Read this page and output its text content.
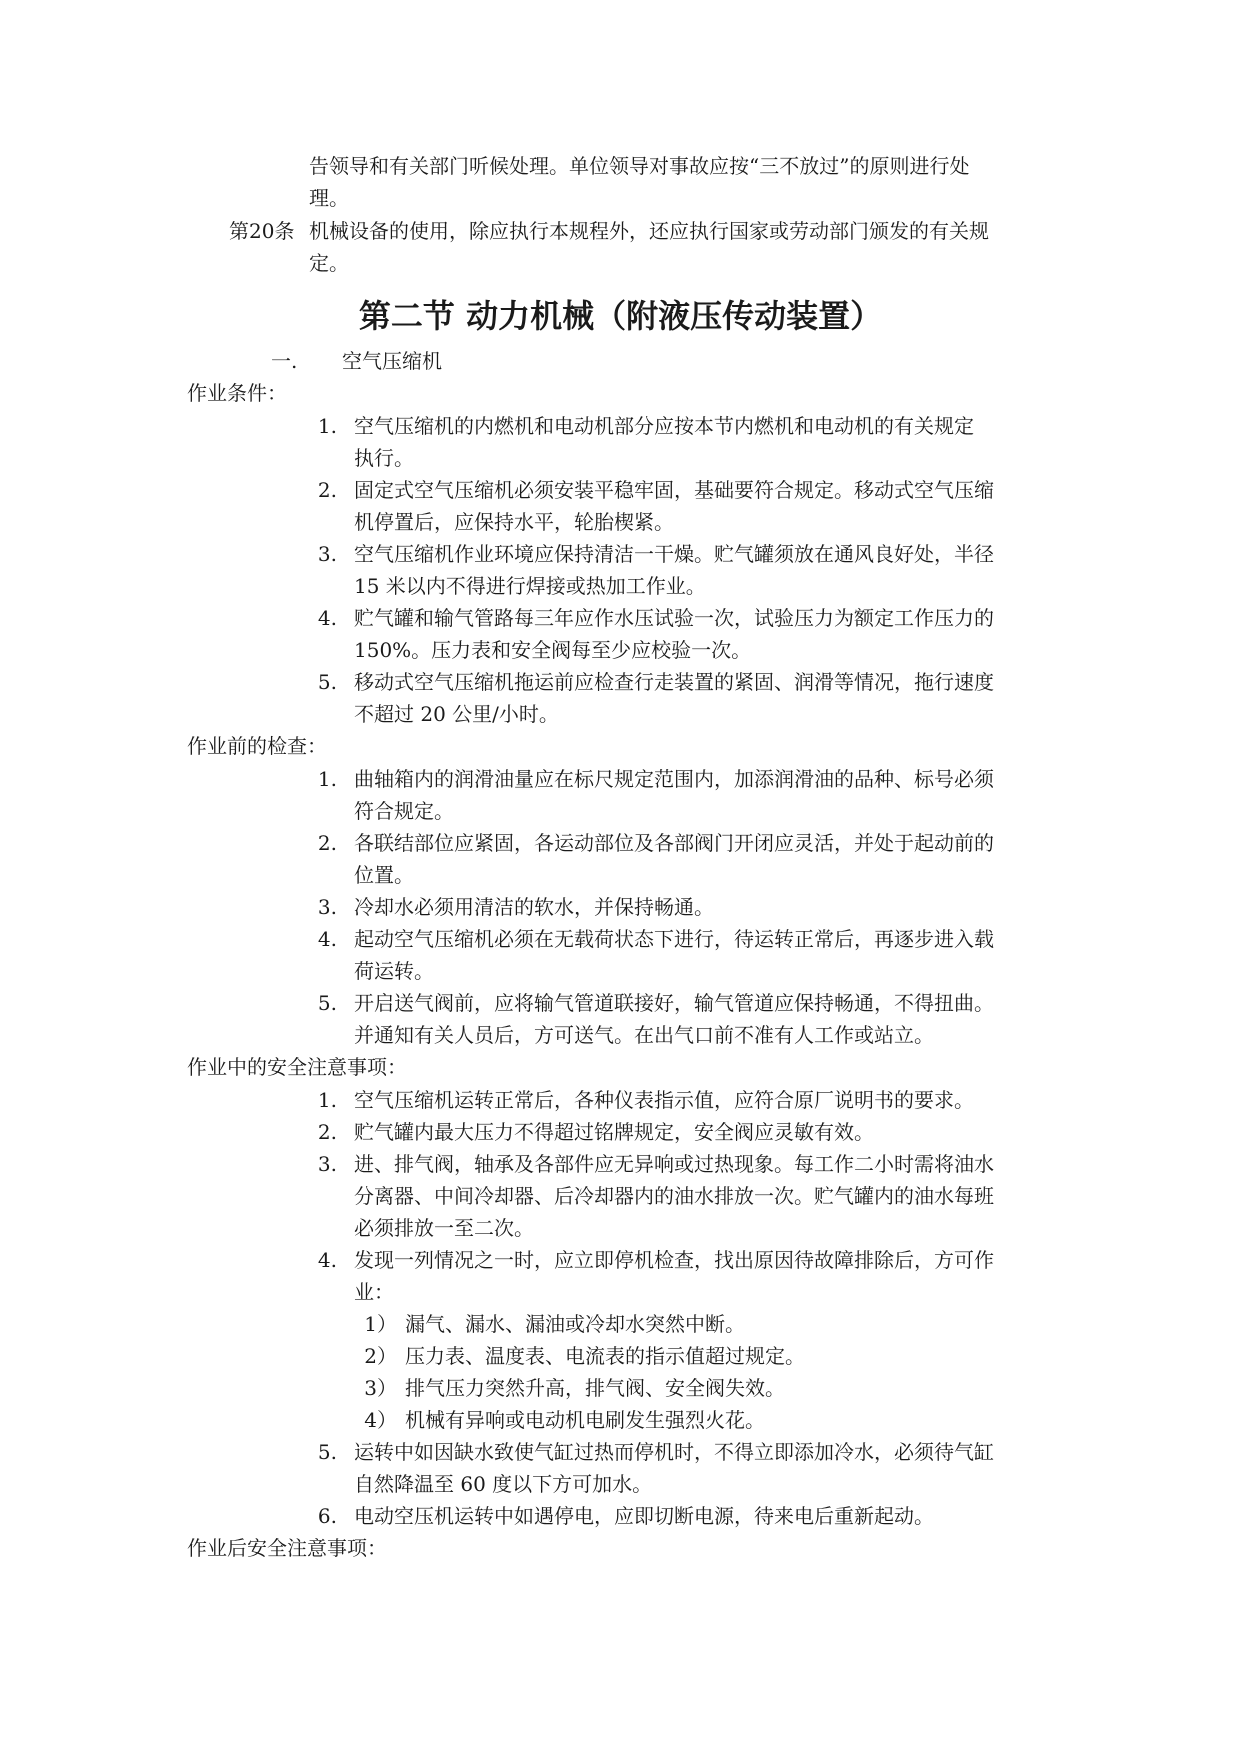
告领导和有关部门听候处理。单位领导对事故应按“三不放过”的原则进行处
理。
第20条 机械设备的使用，除应执行本规程外，还应执行国家或劳动部门颁发的有关规
定。
第二节 动力机械（附液压传动装置）
一. 空气压缩机
作业条件：
1. 空气压缩机的内燃机和电动机部分应按本节内燃机和电动机的有关规定
执行。
2. 固定式空气压缩机必须安装平稳牢固，基础要符合规定。移动式空气压缩
机停置后，应保持水平，轮胎楔紧。
3. 空气压缩机作业环境应保持清洁一干燥。贮气罐须放在通风良好处，半径
15 米以内不得进行焊接或热加工作业。
4. 贮气罐和输气管路每三年应作水压试验一次，试验压力为额定工作压力的
150%。压力表和安全阀每至少应校验一次。
5. 移动式空气压缩机拖运前应检查行走装置的紧固、润滑等情况，拖行速度
不超过 20 公里/小时。
作业前的检查：
1. 曲轴箱内的润滑油量应在标尺规定范围内，加添润滑油的品种、标号必须
符合规定。
2. 各联结部位应紧固，各运动部位及各部阀门开闭应灵活，并处于起动前的
位置。
3. 冷却水必须用清洁的软水，并保持畅通。
4. 起动空气压缩机必须在无载荷状态下进行，待运转正常后，再逐步进入载
荷运转。
5. 开启送气阀前，应将输气管道联接好，输气管道应保持畅通，不得扭曲。
并通知有关人员后，方可送气。在出气口前不准有人工作或站立。
作业中的安全注意事项：
1. 空气压缩机运转正常后，各种仪表指示值，应符合原厂说明书的要求。
2. 贮气罐内最大压力不得超过铭牌规定，安全阀应灵敏有效。
3. 进、排气阀，轴承及各部件应无异响或过热现象。每工作二小时需将油水
分离器、中间冷却器、后冷却器内的油水排放一次。贮气罐内的油水每班
必须排放一至二次。
4. 发现一列情况之一时，应立即停机检查，找出原因待故障排除后，方可作
业：
1） 漏气、漏水、漏油或冷却水突然中断。
2） 压力表、温度表、电流表的指示值超过规定。
3） 排气压力突然升高，排气阀、安全阀失效。
4） 机械有异响或电动机电刷发生强烈火花。
5. 运转中如因缺水致使气缸过热而停机时，不得立即添加冷水，必须待气缸
自然降温至 60 度以下方可加水。
6. 电动空压机运转中如遇停电，应即切断电源，待来电后重新起动。
作业后安全注意事项：
